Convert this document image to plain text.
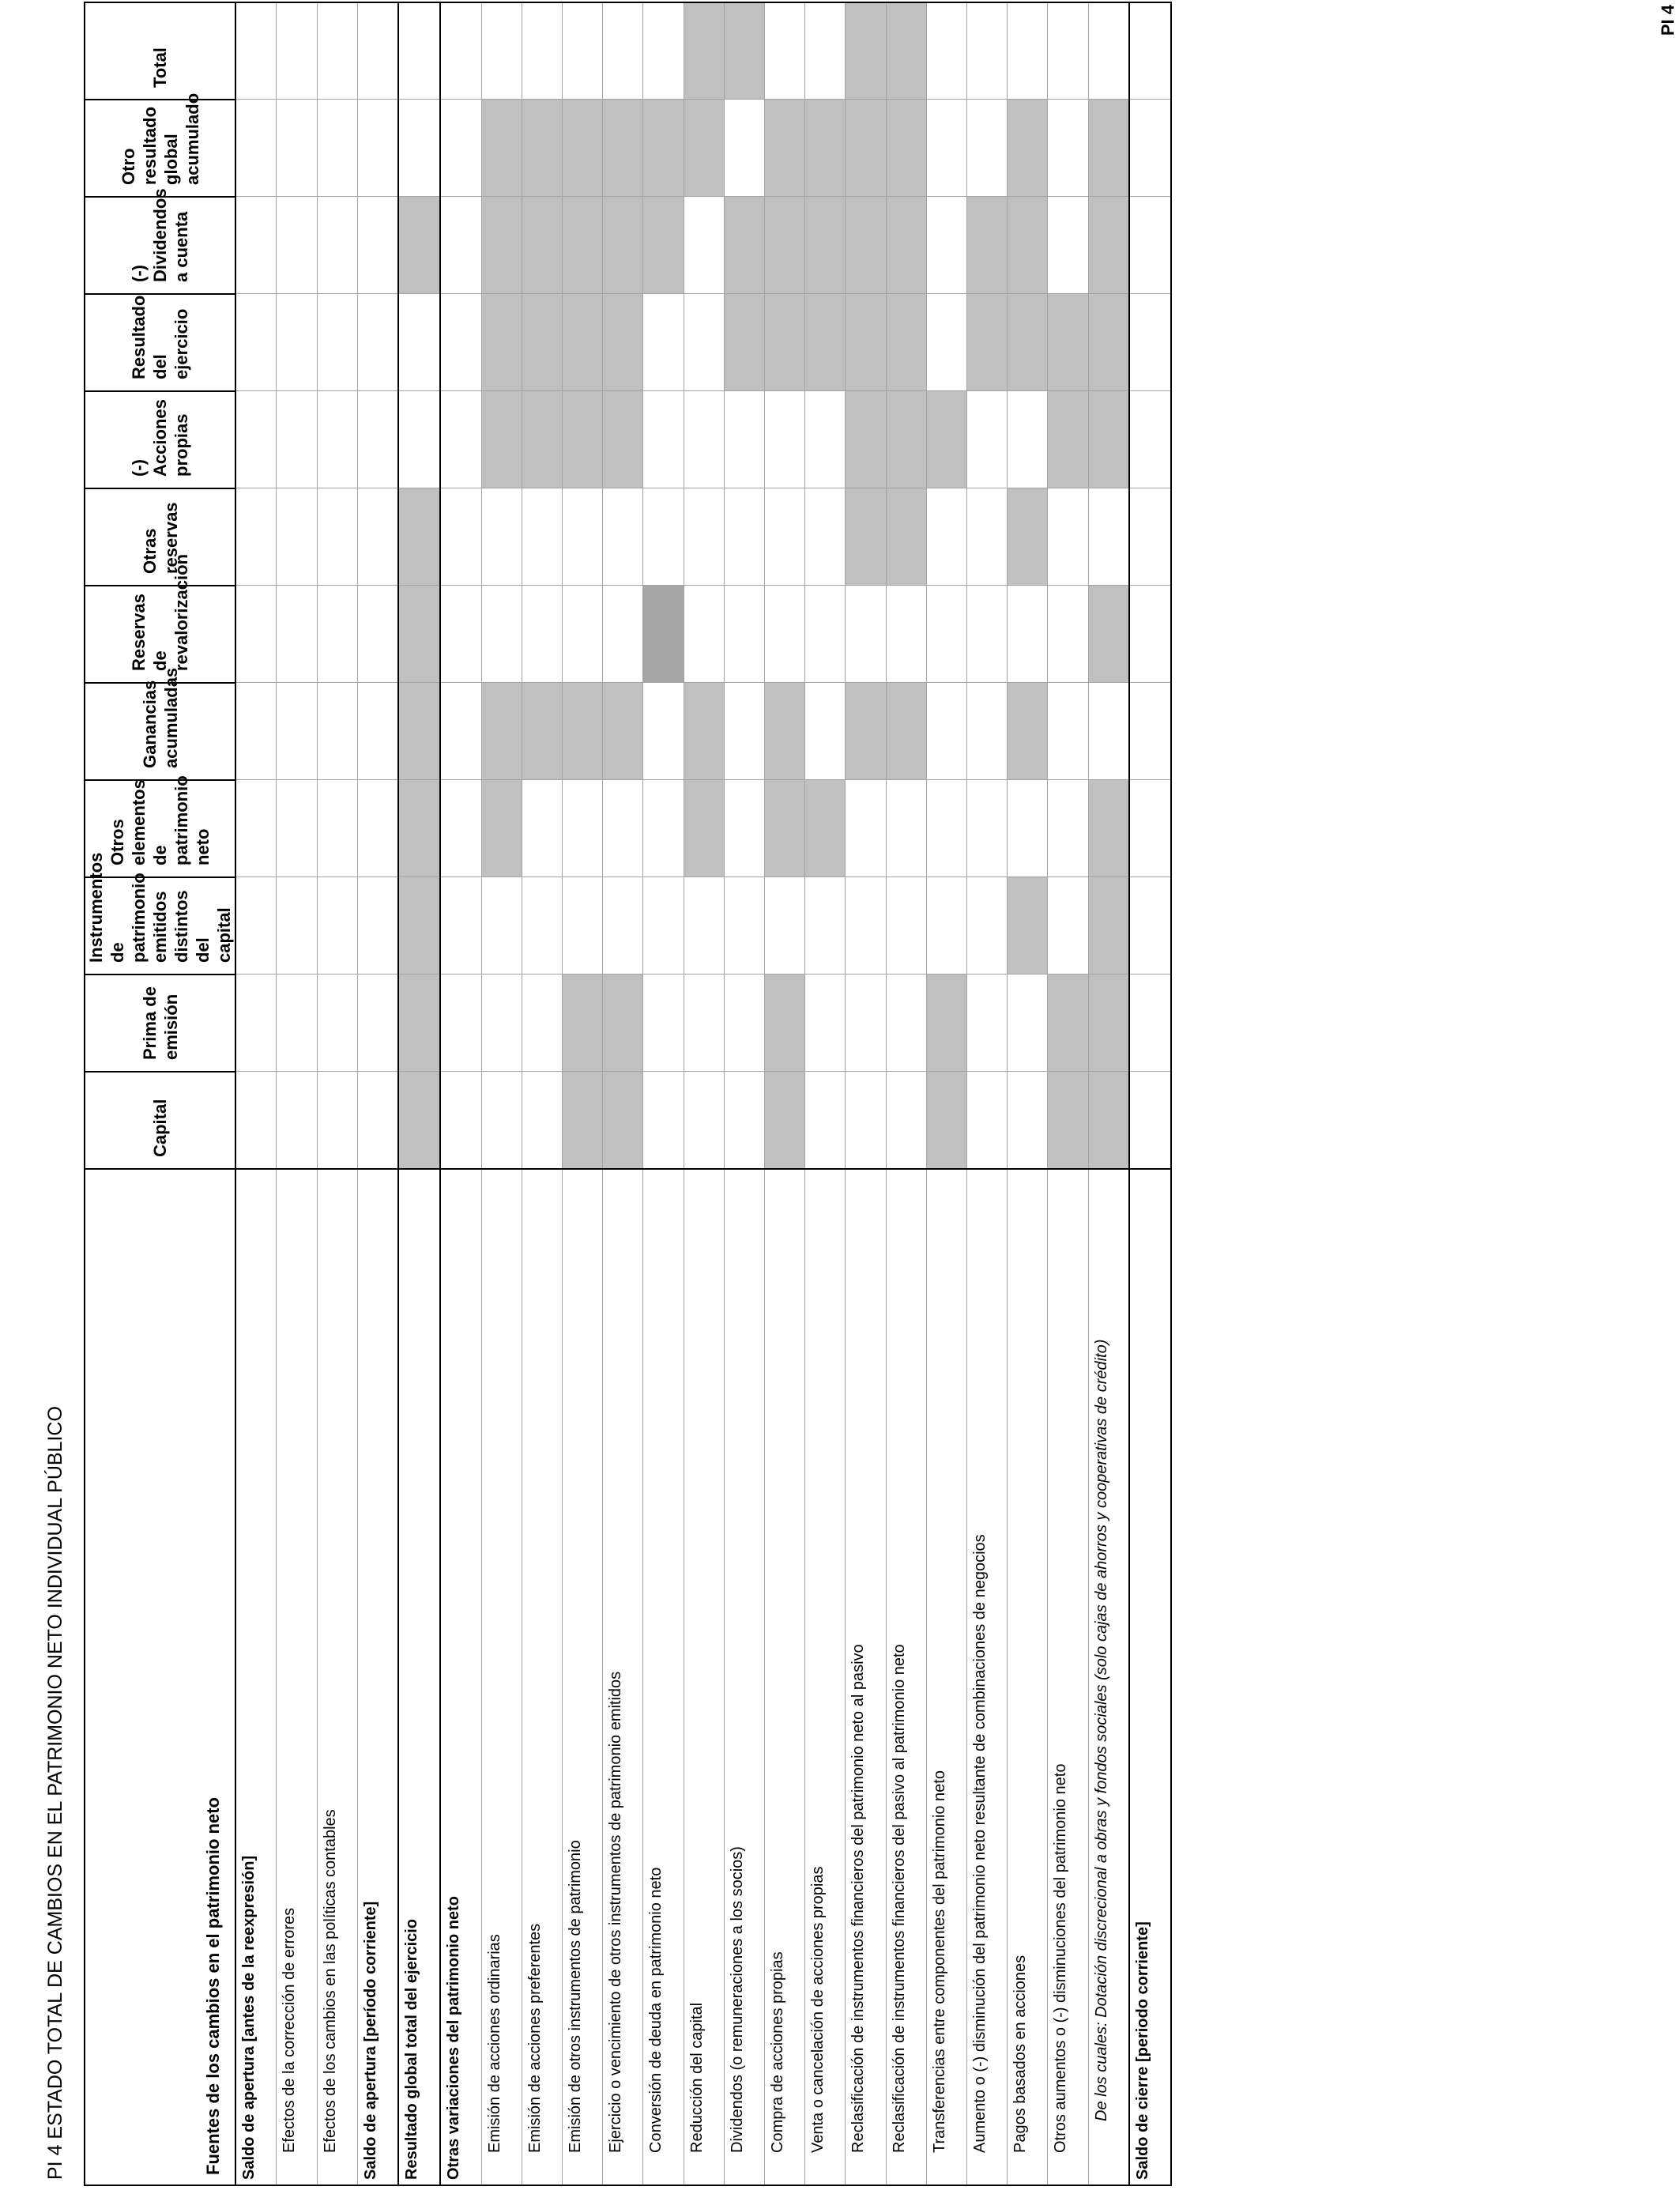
PI 4
PI 4 ESTADO TOTAL DE CAMBIOS EN EL PATRIMONIO NETO INDIVIDUAL PÚBLICO	Fuentes de los cambios en el patrimonio neto	Capital	Prima de emisión	Instrumentos de patrimonio emitidos distintos del capital	Otros elementos de patrimonio neto	Ganancias acumuladas	Reservas de revalorización	Otras reservas	(-) Acciones propias	Resultado del ejercicio	(-) Dividendos a cuenta	Otro resultado global acumulado	Total
Saldo de apertura [antes de la reexpresión]												
Efectos de la corrección de errores												
Efectos de los cambios en las políticas contables												
Saldo de apertura [período corriente]												
Resultado global total del ejercicio												
Otras variaciones del patrimonio neto												
Emisión de acciones ordinarias												
Emisión de acciones preferentes												
Emisión de otros instrumentos de patrimonio												
Ejercicio o vencimiento de otros instrumentos de patrimonio emitidos												
Conversión de deuda en patrimonio neto												
Reducción del capital												
Dividendos (o remuneraciones a los socios)												
Compra de acciones propias												
Venta o cancelación de acciones propias												
Reclasificación de instrumentos financieros del patrimonio neto al pasivo												
Reclasificación de instrumentos financieros del pasivo al patrimonio neto												
Transferencias entre componentes del patrimonio neto												
Aumento o (-) disminución del patrimonio neto resultante de combinaciones de negocios												
Pagos basados en acciones												
Otros aumentos o (-) disminuciones del patrimonio neto												
De los cuales: Dotación discrecional a obras y fondos sociales (solo cajas de ahorros y cooperativas de crédito)												
Saldo de cierre [periodo corriente]												
